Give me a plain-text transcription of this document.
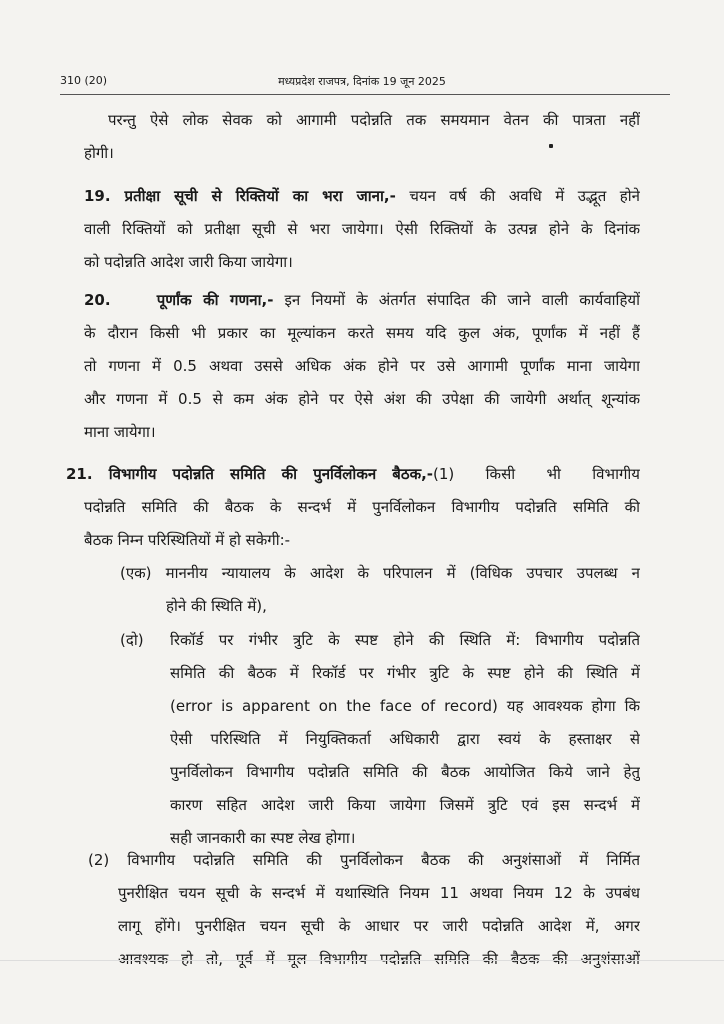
310 (20)	मध्यप्रदेश राजपत्र, दिनांक 19 जून 2025
परन्तु ऐसे लोक सेवक को आगामी पदोन्नति तक समयमान वेतन की पात्रता नहीं
होगी।
19. प्रतीक्षा सूची से रिक्तियों का भरा जाना,- चयन वर्ष की अवधि में उद्भूत होने
वाली रिक्तियों को प्रतीक्षा सूची से भरा जायेगा। ऐसी रिक्तियों के उत्पन्न होने के दिनांक
को पदोन्नति आदेश जारी किया जायेगा।
20.    पूर्णांक की गणना,- इन नियमों के अंतर्गत संपादित की जाने वाली कार्यवाहियों
के दौरान किसी भी प्रकार का मूल्यांकन करते समय यदि कुल अंक, पूर्णांक में नहीं हैं
तो गणना में 0.5 अथवा उससे अधिक अंक होने पर उसे आगामी पूर्णांक माना जायेगा
और गणना में 0.5 से कम अंक होने पर ऐसे अंश की उपेक्षा की जायेगी अर्थात् शून्यांक
माना जायेगा।
21. विभागीय पदोन्नति समिति की पुनर्विलोकन बैठक,-(1)  किसी  भी  विभागीय
पदोन्नति समिति की बैठक के सन्दर्भ में पुनर्विलोकन विभागीय पदोन्नति समिति की
बैठक निम्न परिस्थितियों में हो सकेगी:-
(एक) माननीय न्यायालय के आदेश के परिपालन में (विधिक उपचार उपलब्ध न
होने की स्थिति में),
(दो)	रिकॉर्ड पर गंभीर त्रुटि के स्पष्ट होने की स्थिति में: विभागीय पदोन्नति
समिति की बैठक में रिकॉर्ड पर गंभीर त्रुटि के स्पष्ट होने की स्थिति में
(error is apparent on the face of record) यह आवश्यक होगा कि
ऐसी परिस्थिति में नियुक्तिकर्ता अधिकारी द्वारा स्वयं के हस्ताक्षर से
पुनर्विलोकन विभागीय पदोन्नति समिति की बैठक आयोजित किये जाने हेतु
कारण सहित आदेश जारी किया जायेगा जिसमें त्रुटि एवं इस सन्दर्भ में
सही जानकारी का स्पष्ट लेख होगा।
(2) विभागीय पदोन्नति समिति की पुनर्विलोकन बैठक की अनुशंसाओं में निर्मित
पुनरीक्षित चयन सूची के सन्दर्भ में यथास्थिति नियम 11 अथवा नियम 12 के उपबंध
लागू होंगे। पुनरीक्षित चयन सूची के आधार पर जारी पदोन्नति आदेश में, अगर
आवश्यक हो तो, पूर्व में मूल विभागीय पदोन्नति समिति की बैठक की अनुशंसाओं
